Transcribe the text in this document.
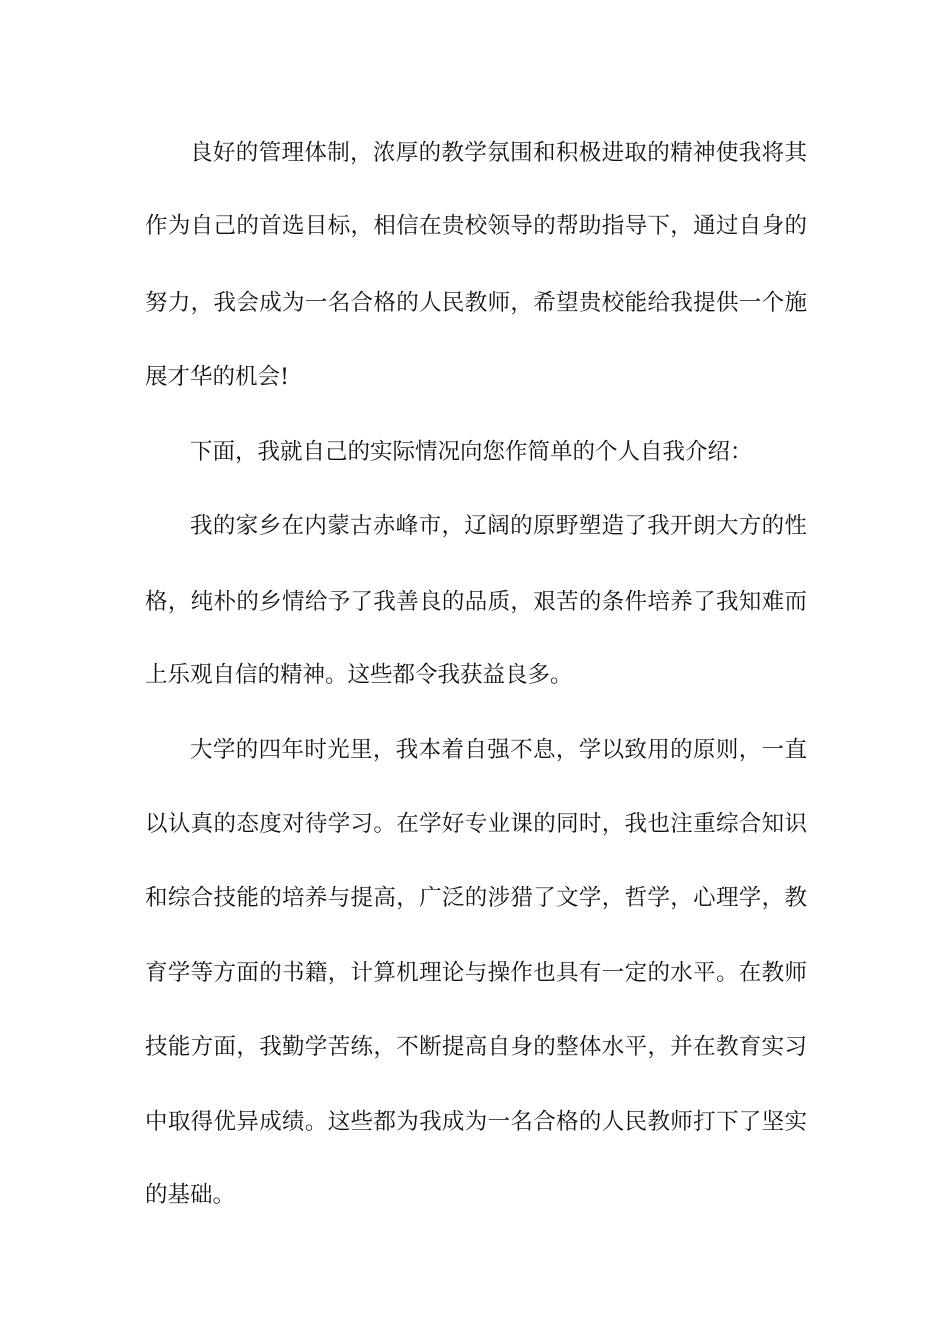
良好的管理体制，浓厚的教学氛围和积极进取的精神使我将其
作为自己的首选目标，相信在贵校领导的帮助指导下，通过自身的
努力，我会成为一名合格的人民教师，希望贵校能给我提供一个施
展才华的机会!
下面，我就自己的实际情况向您作简单的个人自我介绍：
我的家乡在内蒙古赤峰市，辽阔的原野塑造了我开朗大方的性
格，纯朴的乡情给予了我善良的品质，艰苦的条件培养了我知难而
上乐观自信的精神。这些都令我获益良多。
大学的四年时光里，我本着自强不息，学以致用的原则，一直
以认真的态度对待学习。在学好专业课的同时，我也注重综合知识
和综合技能的培养与提高，广泛的涉猎了文学，哲学，心理学，教
育学等方面的书籍，计算机理论与操作也具有一定的水平。在教师
技能方面，我勤学苦练，不断提高自身的整体水平，并在教育实习
中取得优异成绩。这些都为我成为一名合格的人民教师打下了坚实
的基础。
